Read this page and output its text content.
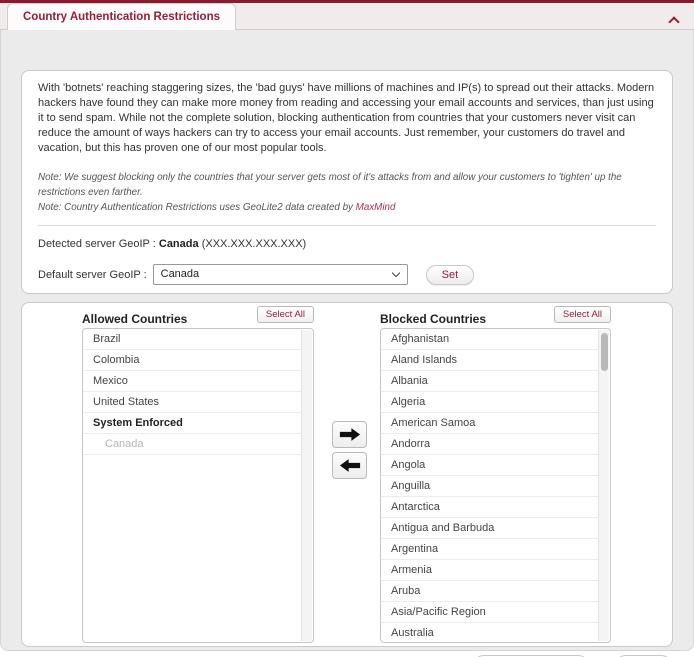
Country Authentication Restrictions

With 'botnets' reaching staggering sizes, the 'bad guys' have millions of machines and IP(s) to spread out their attacks. Modern hackers have found they can make more money from reading and accessing your email accounts and services, than just using it to send spam. While not the complete solution, blocking authentication from countries that your customers never visit can reduce the amount of ways hackers can try to access your email accounts. Just remember, your customers do travel and vacation, but this has proven one of our most popular tools.

Note: We suggest blocking only the countries that your server gets most of it's attacks from and allow your customers to 'tighten' up the restrictions even farther.

Note: Country Authentication Restrictions uses GeoLite2 data created by MaxMind

Detected server GeoIP : Canada (XXX.XXX.XXX.XXX)

Default server GeoIP :	Canada	Set

Allowed Countries	Select All
Brazil
Colombia
Mexico
United States
System Enforced
Canada
Blocked Countries	Select All
Afghanistan
Aland Islands
Albania
Algeria
American Samoa
Andorra
Angola
Anguilla
Antarctica
Antigua and Barbuda
Argentina
Armenia
Aruba
Asia/Pacific Region
Australia
